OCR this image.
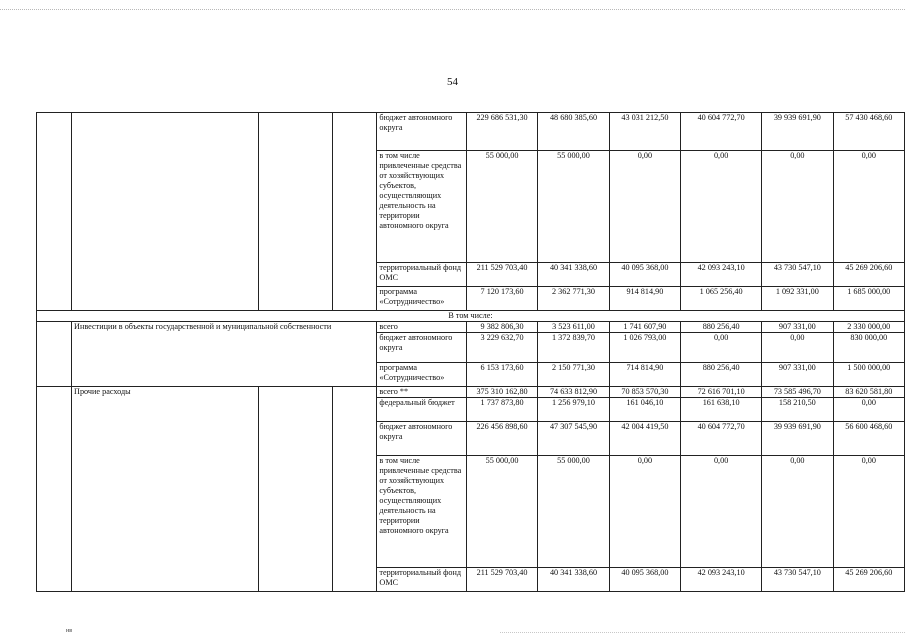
54
				бюджет автономного округа	229 686 531,30	48 680 385,60	43 031 212,50	40 604 772,70	39 939 691,90	57 430 468,60
				в том числе привлеченные средства от хозяйствующих субъектов, осуществляющих деятельность на территории автономного округа	55 000,00	55 000,00	0,00	0,00	0,00	0,00
				территориальный фонд ОМС	211 529 703,40	40 341 338,60	40 095 368,00	42 093 243,10	43 730 547,10	45 269 206,60
				программа «Сотрудничество»	7 120 173,60	2 362 771,30	914 814,90	1 065 256,40	1 092 331,00	1 685 000,00
В том числе:										
	Инвестиции в объекты государственной и муниципальной собственности			всего	9 382 806,30	3 523 611,00	1 741 607,90	880 256,40	907 331,00	2 330 000,00
				бюджет автономного округа	3 229 632,70	1 372 839,70	1 026 793,00	0,00	0,00	830 000,00
				программа «Сотрудничество»	6 153 173,60	2 150 771,30	714 814,90	880 256,40	907 331,00	1 500 000,00
	Прочие расходы			всего **	375 310 162,80	74 633 812,90	70 853 570,30	72 616 701,10	73 585 496,70	83 620 581,80
				федеральный бюджет	1 737 873,80	1 256 979,10	161 046,10	161 638,10	158 210,50	0,00
				бюджет автономного округа	226 456 898,60	47 307 545,90	42 004 419,50	40 604 772,70	39 939 691,90	56 600 468,60
				в том числе привлеченные средства от хозяйствующих субъектов, осуществляющих деятельность на территории автономного округа	55 000,00	55 000,00	0,00	0,00	0,00	0,00
				территориальный фонд ОМС	211 529 703,40	40 341 338,60	40 095 368,00	42 093 243,10	43 730 547,10	45 269 206,60
нв
